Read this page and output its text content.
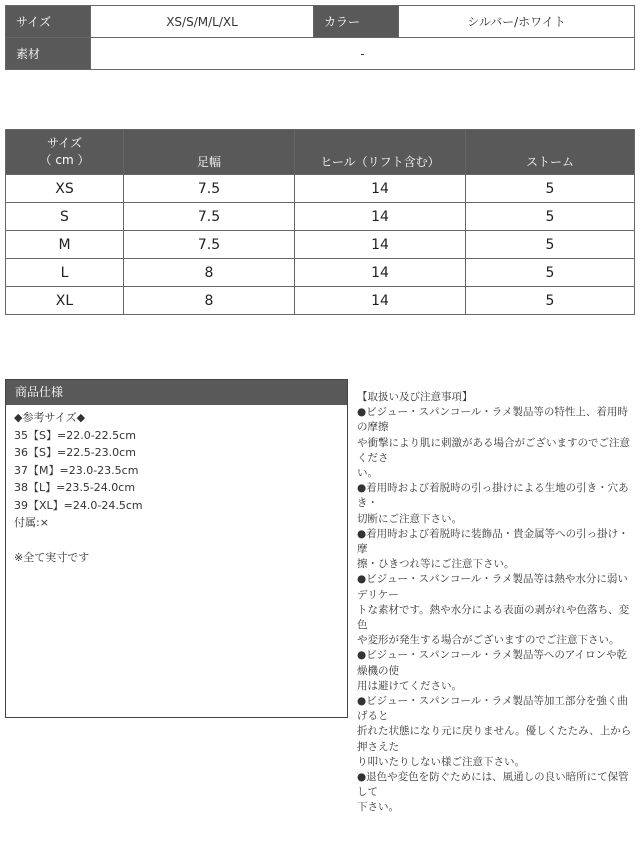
サイズ	XS/S/M/L/XL	カラー	シルバー/ホワイト
素材	-		
サイズ
（ cm ）	足幅	ヒール（リフト含む）	ストーム
XS	7.5	14	5
S	7.5	14	5
M	7.5	14	5
L	8	14	5
XL	8	14	5
商品仕様
◆参考サイズ◆
35【S】=22.0-22.5cm
36【S】=22.5-23.0cm
37【M】=23.0-23.5cm
38【L】=23.5-24.0cm
39【XL】=24.0-24.5cm
付属:×
※全て実寸です

【取扱い及び注意事項】

●ビジュー・スパンコール・ラメ製品等の特性上、着用時の摩擦

や衝撃により肌に刺激がある場合がございますのでご注意くださ

い。

●着用時および着脱時の引っ掛けによる生地の引き・穴あき・

切断にご注意下さい。

●着用時および着脱時に装飾品・貴金属等への引っ掛け・摩

擦・ひきつれ等にご注意下さい。

●ビジュー・スパンコール・ラメ製品等は熱や水分に弱いデリケー

トな素材です。熱や水分による表面の剥がれや色落ち、変色

や変形が発生する場合がございますのでご注意下さい。

●ビジュー・スパンコール・ラメ製品等へのアイロンや乾燥機の使

用は避けてください。

●ビジュー・スパンコール・ラメ製品等加工部分を強く曲げると

折れた状態になり元に戻りません。優しくたたみ、上から押さえた

り叩いたりしない様ご注意下さい。

●退色や変色を防ぐためには、風通しの良い暗所にて保管して

下さい。
